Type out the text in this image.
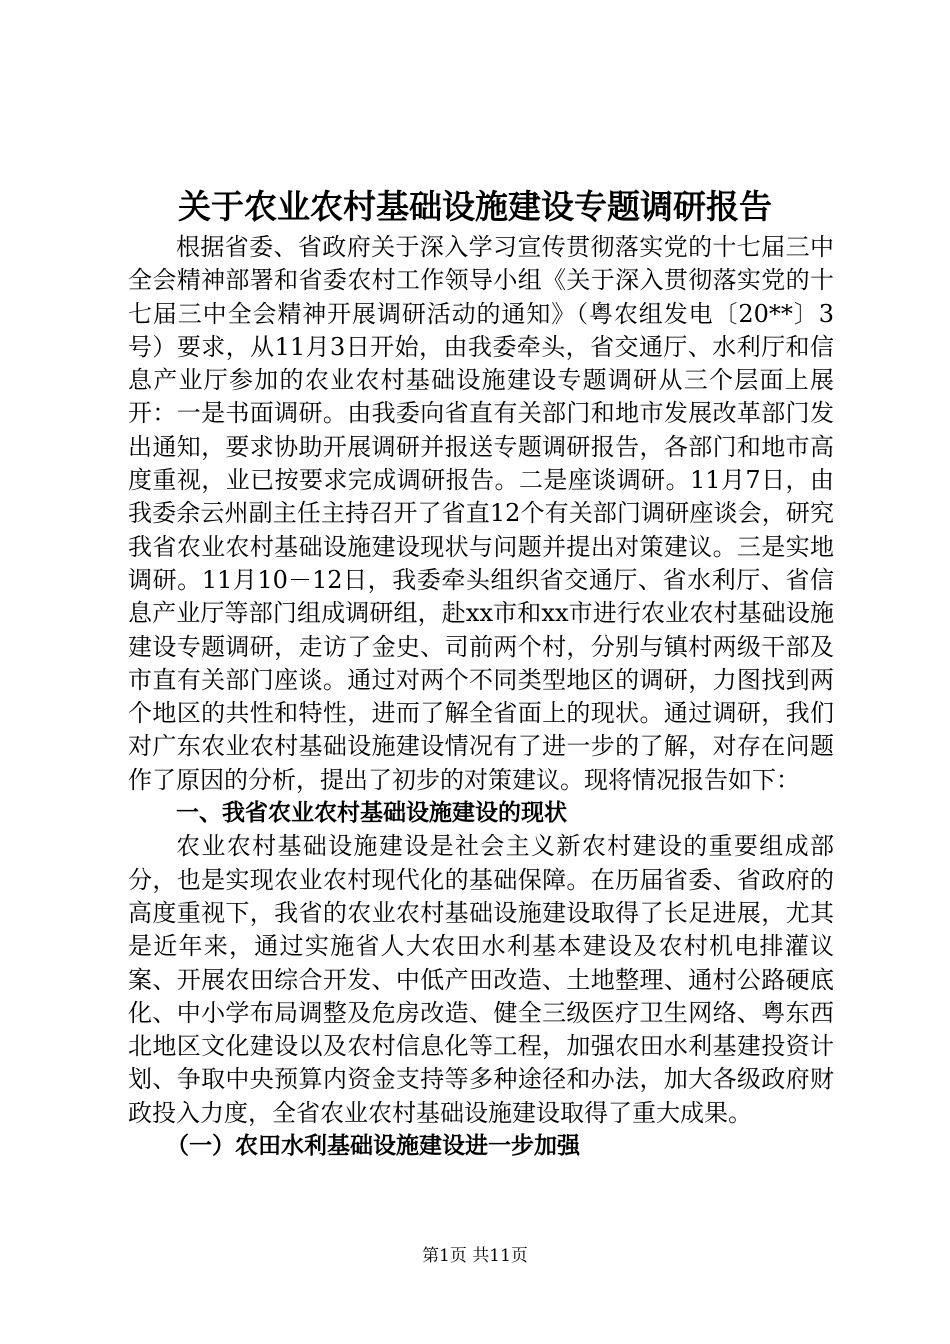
关于农业农村基础设施建设专题调研报告

根据省委、省政府关于深入学习宣传贯彻落实党的十七届三中全会精神部署和省委农村工作领导小组《关于深入贯彻落实党的十七届三中全会精神开展调研活动的通知》（粤农组发电〔20**〕3号）要求，从11月3日开始，由我委牵头，省交通厅、水利厅和信息产业厅参加的农业农村基础设施建设专题调研从三个层面上展开：一是书面调研。由我委向省直有关部门和地市发展改革部门发出通知，要求协助开展调研并报送专题调研报告，各部门和地市高度重视，业已按要求完成调研报告。二是座谈调研。11月7日，由我委余云州副主任主持召开了省直12个有关部门调研座谈会，研究我省农业农村基础设施建设现状与问题并提出对策建议。三是实地调研。11月10－12日，我委牵头组织省交通厅、省水利厅、省信息产业厅等部门组成调研组，赴xx市和xx市进行农业农村基础设施建设专题调研，走访了金史、司前两个村，分别与镇村两级干部及市直有关部门座谈。通过对两个不同类型地区的调研，力图找到两个地区的共性和特性，进而了解全省面上的现状。通过调研，我们对广东农业农村基础设施建设情况有了进一步的了解，对存在问题作了原因的分析，提出了初步的对策建议。现将情况报告如下：

一、我省农业农村基础设施建设的现状

农业农村基础设施建设是社会主义新农村建设的重要组成部分，也是实现农业农村现代化的基础保障。在历届省委、省政府的高度重视下，我省的农业农村基础设施建设取得了长足进展，尤其是近年来，通过实施省人大农田水利基本建设及农村机电排灌议案、开展农田综合开发、中低产田改造、土地整理、通村公路硬底化、中小学布局调整及危房改造、健全三级医疗卫生网络、粤东西北地区文化建设以及农村信息化等工程，加强农田水利基建投资计划、争取中央预算内资金支持等多种途径和办法，加大各级政府财政投入力度，全省农业农村基础设施建设取得了重大成果。

（一）农田水利基础设施建设进一步加强
第1页 共11页
